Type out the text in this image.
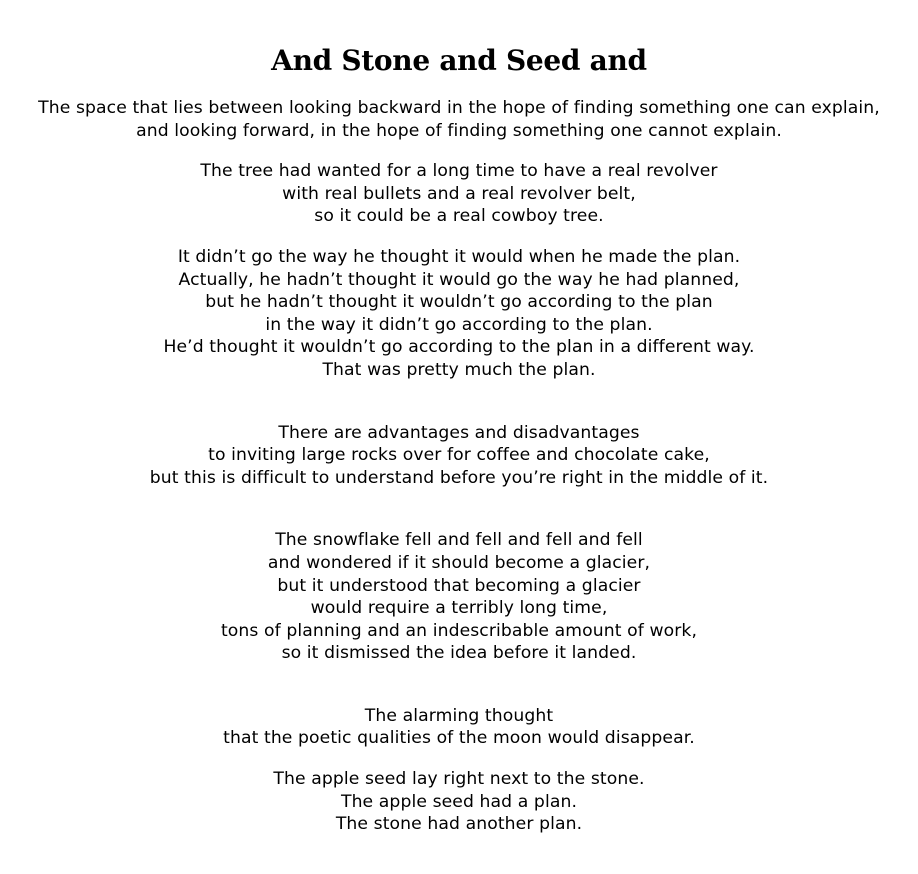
And Stone and Seed and

The space that lies between looking backward in the hope of finding something one can explain,
and looking forward, in the hope of finding something one cannot explain.

The tree had wanted for a long time to have a real revolver
with real bullets and a real revolver belt,
so it could be a real cowboy tree.

It didn’t go the way he thought it would when he made the plan.
Actually, he hadn’t thought it would go the way he had planned,
but he hadn’t thought it wouldn’t go according to the plan
in the way it didn’t go according to the plan.
He’d thought it wouldn’t go according to the plan in a different way.
That was pretty much the plan.

There are advantages and disadvantages
to inviting large rocks over for coffee and chocolate cake,
but this is difficult to understand before you’re right in the middle of it.

The snowflake fell and fell and fell and fell
and wondered if it should become a glacier,
but it understood that becoming a glacier
would require a terribly long time,
tons of planning and an indescribable amount of work,
so it dismissed the idea before it landed.

The alarming thought
that the poetic qualities of the moon would disappear.

The apple seed lay right next to the stone.
The apple seed had a plan.
The stone had another plan.
